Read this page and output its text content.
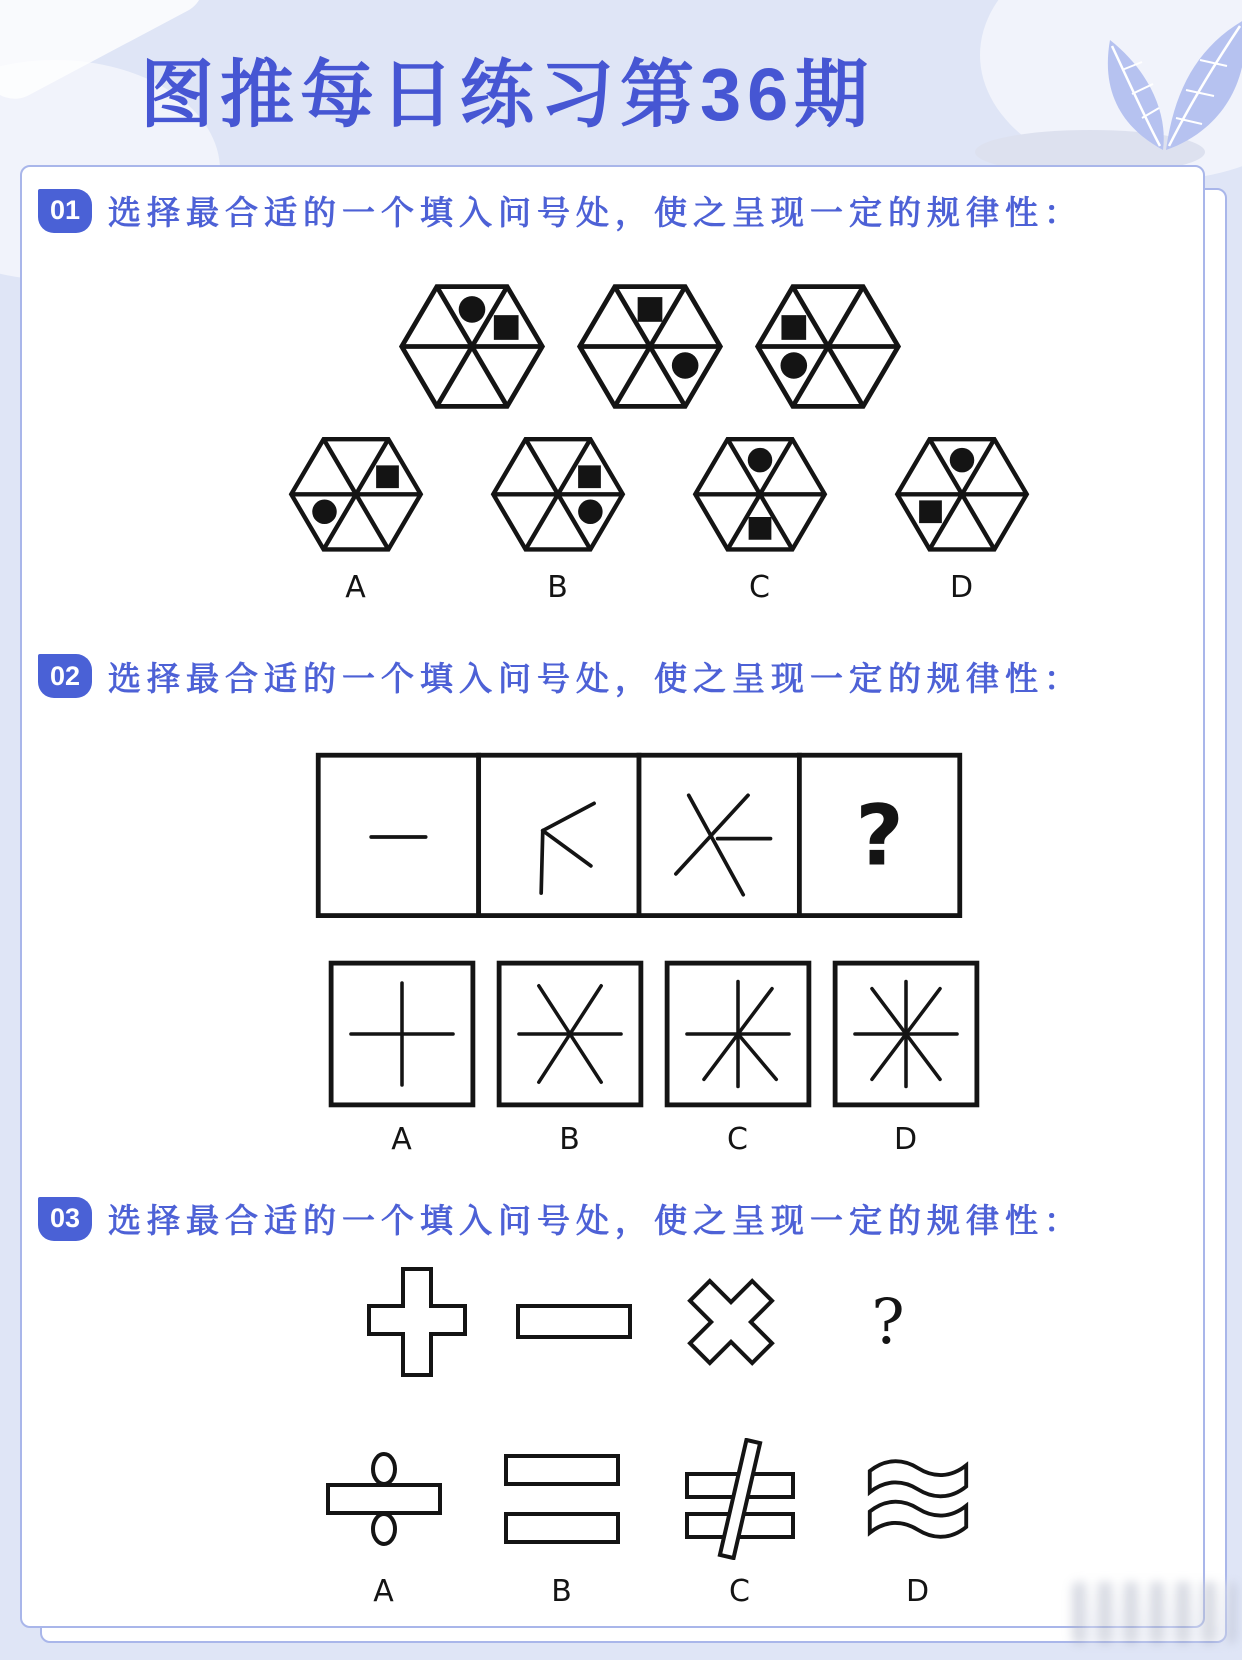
图推每日练习第36期
01 选择最合适的一个填入问号处，使之呈现一定的规律性：
A	B	C	D
02 选择最合适的一个填入问号处，使之呈现一定的规律性：
?
A	B	C	D
03 选择最合适的一个填入问号处，使之呈现一定的规律性：
?
A	B	C	D
